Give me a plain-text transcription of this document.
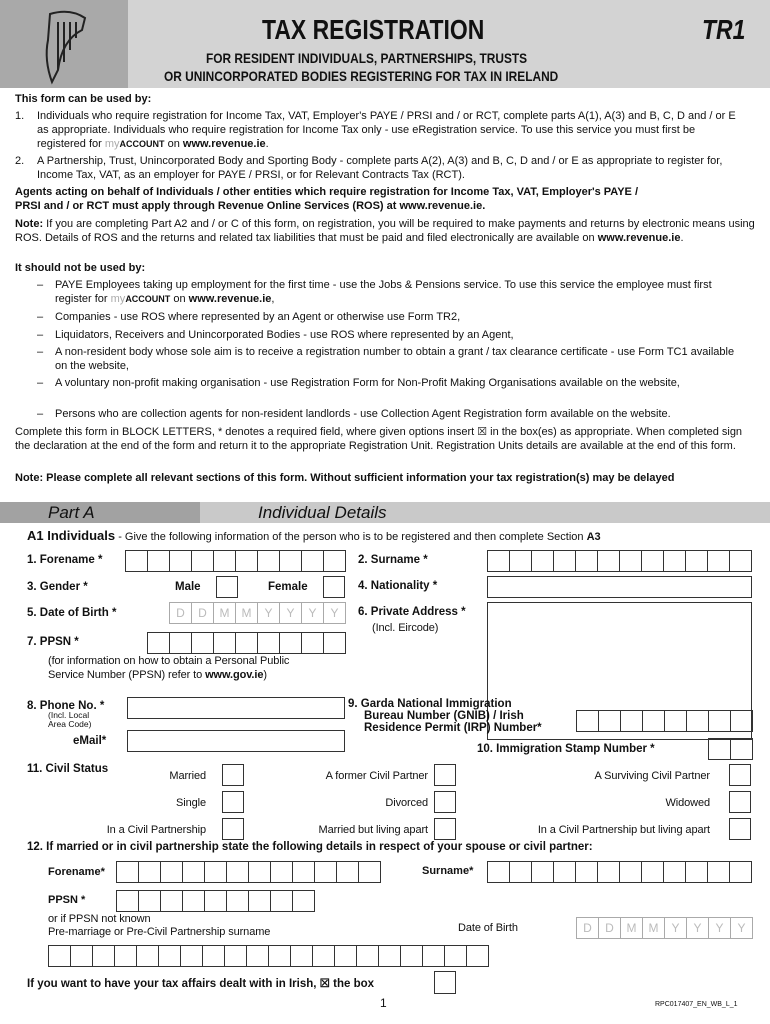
TAX REGISTRATION	TR1
FOR RESIDENT INDIVIDUALS, PARTNERSHIPS, TRUSTS
OR UNINCORPORATED BODIES REGISTERING FOR TAX IN IRELAND
This form can be used by:
1. Individuals who require registration for Income Tax, VAT, Employer's PAYE / PRSI and / or RCT, complete parts A(1), A(3) and B, C, D and / or E as appropriate. Individuals who require registration for Income Tax only - use eRegistration service. To use this service you must first be registered for myACCOUNT on www.revenue.ie.
2. A Partnership, Trust, Unincorporated Body and Sporting Body - complete parts A(2), A(3) and B, C, D and / or E as appropriate to register for, Income Tax, VAT, as an employer for PAYE / PRSI, or for Relevant Contracts Tax (RCT).
Agents acting on behalf of Individuals / other entities which require registration for Income Tax, VAT, Employer's PAYE / PRSI and / or RCT must apply through Revenue Online Services (ROS) at www.revenue.ie.
Note: If you are completing Part A2 and / or C of this form, on registration, you will be required to make payments and returns by electronic means using ROS. Details of ROS and the returns and related tax liabilities that must be paid and filed electronically are available on www.revenue.ie.
It should not be used by:
– PAYE Employees taking up employment for the first time - use the Jobs & Pensions service. To use this service the employee must first register for myACCOUNT on www.revenue.ie,
– Companies - use ROS where represented by an Agent or otherwise use Form TR2,
– Liquidators, Receivers and Unincorporated Bodies - use ROS where represented by an Agent,
– A non-resident body whose sole aim is to receive a registration number to obtain a grant / tax clearance certificate - use Form TC1 available on the website,
– A voluntary non-profit making organisation - use Registration Form for Non-Profit Making Organisations available on the website,
– Persons who are collection agents for non-resident landlords - use Collection Agent Registration form available on the website.
Complete this form in BLOCK LETTERS, * denotes a required field, where given options insert ☒ in the box(es) as appropriate. When completed sign the declaration at the end of the form and return it to the appropriate Registration Unit. Registration Units details are available at the end of this form.
Note: Please complete all relevant sections of this form. Without sufficient information your tax registration(s) may be delayed
Part A	Individual Details
A1 Individuals - Give the following information of the person who is to be registered and then complete Section A3
1. Forename *	2. Surname *
3. Gender *	Male	Female	4. Nationality *
5. Date of Birth *	D	D	M	M	Y	Y	Y	Y	6. Private Address *
(Incl. Eircode)
7. PPSN *
(for information on how to obtain a Personal Public
Service Number (PPSN) refer to www.gov.ie)
8. Phone No. *
(Incl. Local
Area Code)
eMail*
9. Garda National Immigration
Bureau Number (GNIB) / Irish
Residence Permit (IRP) Number*
10. Immigration Stamp Number *
11. Civil Status
Married	A former Civil Partner	A Surviving Civil Partner
Single	Divorced	Widowed
In a Civil Partnership	Married but living apart	In a Civil Partnership but living apart
12. If married or in civil partnership state the following details in respect of your spouse or civil partner:
Forename*	Surname*
PPSN *
or if PPSN not known
Pre-marriage or Pre-Civil Partnership surname	Date of Birth	D	D	M	M	Y	Y	Y	Y
If you want to have your tax affairs dealt with in Irish, ☒ the box
1	RPC017407_EN_WB_L_1
